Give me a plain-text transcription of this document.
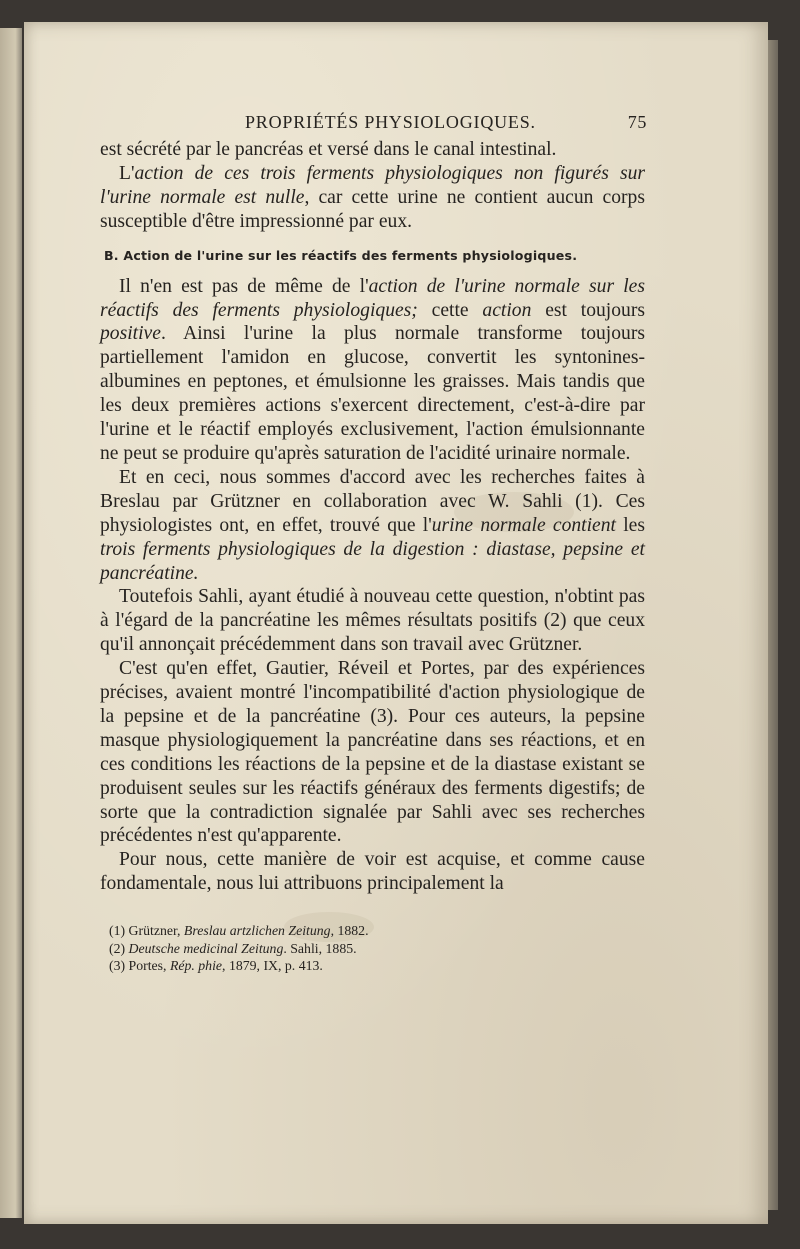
PROPRIÉTÉS PHYSIOLOGIQUES.	75

est sécrété par le pancréas et versé dans le canal intestinal.

L'action de ces trois ferments physiologiques non figurés sur l'urine normale est nulle, car cette urine ne contient aucun corps susceptible d'être impressionné par eux.

B. Action de l'urine sur les réactifs des ferments physiologiques.

Il n'en est pas de même de l'action de l'urine normale sur les réactifs des ferments physiologiques; cette action est toujours positive. Ainsi l'urine la plus normale transforme toujours partiellement l'amidon en glucose, convertit les syntonines-albumines en peptones, et émulsionne les graisses. Mais tandis que les deux premières actions s'exercent directement, c'est-à-dire par l'urine et le réactif employés exclusivement, l'action émulsionnante ne peut se produire qu'après saturation de l'acidité urinaire normale.

Et en ceci, nous sommes d'accord avec les recherches faites à Breslau par Grützner en collaboration avec W. Sahli (1). Ces physiologistes ont, en effet, trouvé que l'urine normale contient les trois ferments physiologiques de la digestion : diastase, pepsine et pancréatine.

Toutefois Sahli, ayant étudié à nouveau cette question, n'obtint pas à l'égard de la pancréatine les mêmes résultats positifs (2) que ceux qu'il annonçait précédemment dans son travail avec Grützner.

C'est qu'en effet, Gautier, Réveil et Portes, par des expériences précises, avaient montré l'incompatibilité d'action physiologique de la pepsine et de la pancréatine (3). Pour ces auteurs, la pepsine masque physiologiquement la pancréatine dans ses réactions, et en ces conditions les réactions de la pepsine et de la diastase existant se produisent seules sur les réactifs généraux des ferments digestifs; de sorte que la contradiction signalée par Sahli avec ses recherches précédentes n'est qu'apparente.

Pour nous, cette manière de voir est acquise, et comme cause fondamentale, nous lui attribuons principalement la

(1) Grützner, Breslau artzlichen Zeitung, 1882.
(2) Deutsche medicinal Zeitung. Sahli, 1885.
(3) Portes, Rép. phie, 1879, IX, p. 413.
